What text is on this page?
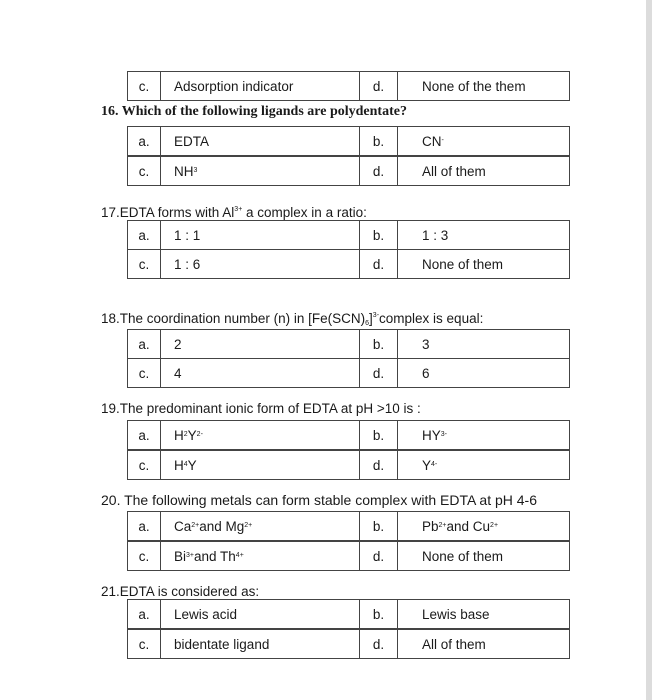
c.	Adsorption indicator	d.	None of the them
16. Which of the following ligands are polydentate?
a.	EDTA	b.	CN -
c.	NH 3	d.	All of them
17.EDTA forms with $Al^{3+}$ a complex in a ratio:
a.	1 : 1	b.	1 : 3
c.	1 : 6	d.	None of them
18.The coordination number (n) in $[Fe(SCN)_6]^{3-}complex$ is equal:
a.	2	b.	3
c.	4	d.	6
19.The predominant ionic form of EDTA at pH >10 is :
a.	H 2 Y 2-	b.	HY 3-
c.	H 4 Y	d.	Y 4-
20. The following metals can form stable complex with EDTA at pH 4-6
a.	Ca 2+ and Mg 2+	b.	Pb 2+ and Cu 2+
c.	Bi 3+ and Th 4+	d.	None of them
21.EDTA is considered as:
a.	Lewis acid	b.	Lewis base
c.	bidentate ligand	d.	All of them
